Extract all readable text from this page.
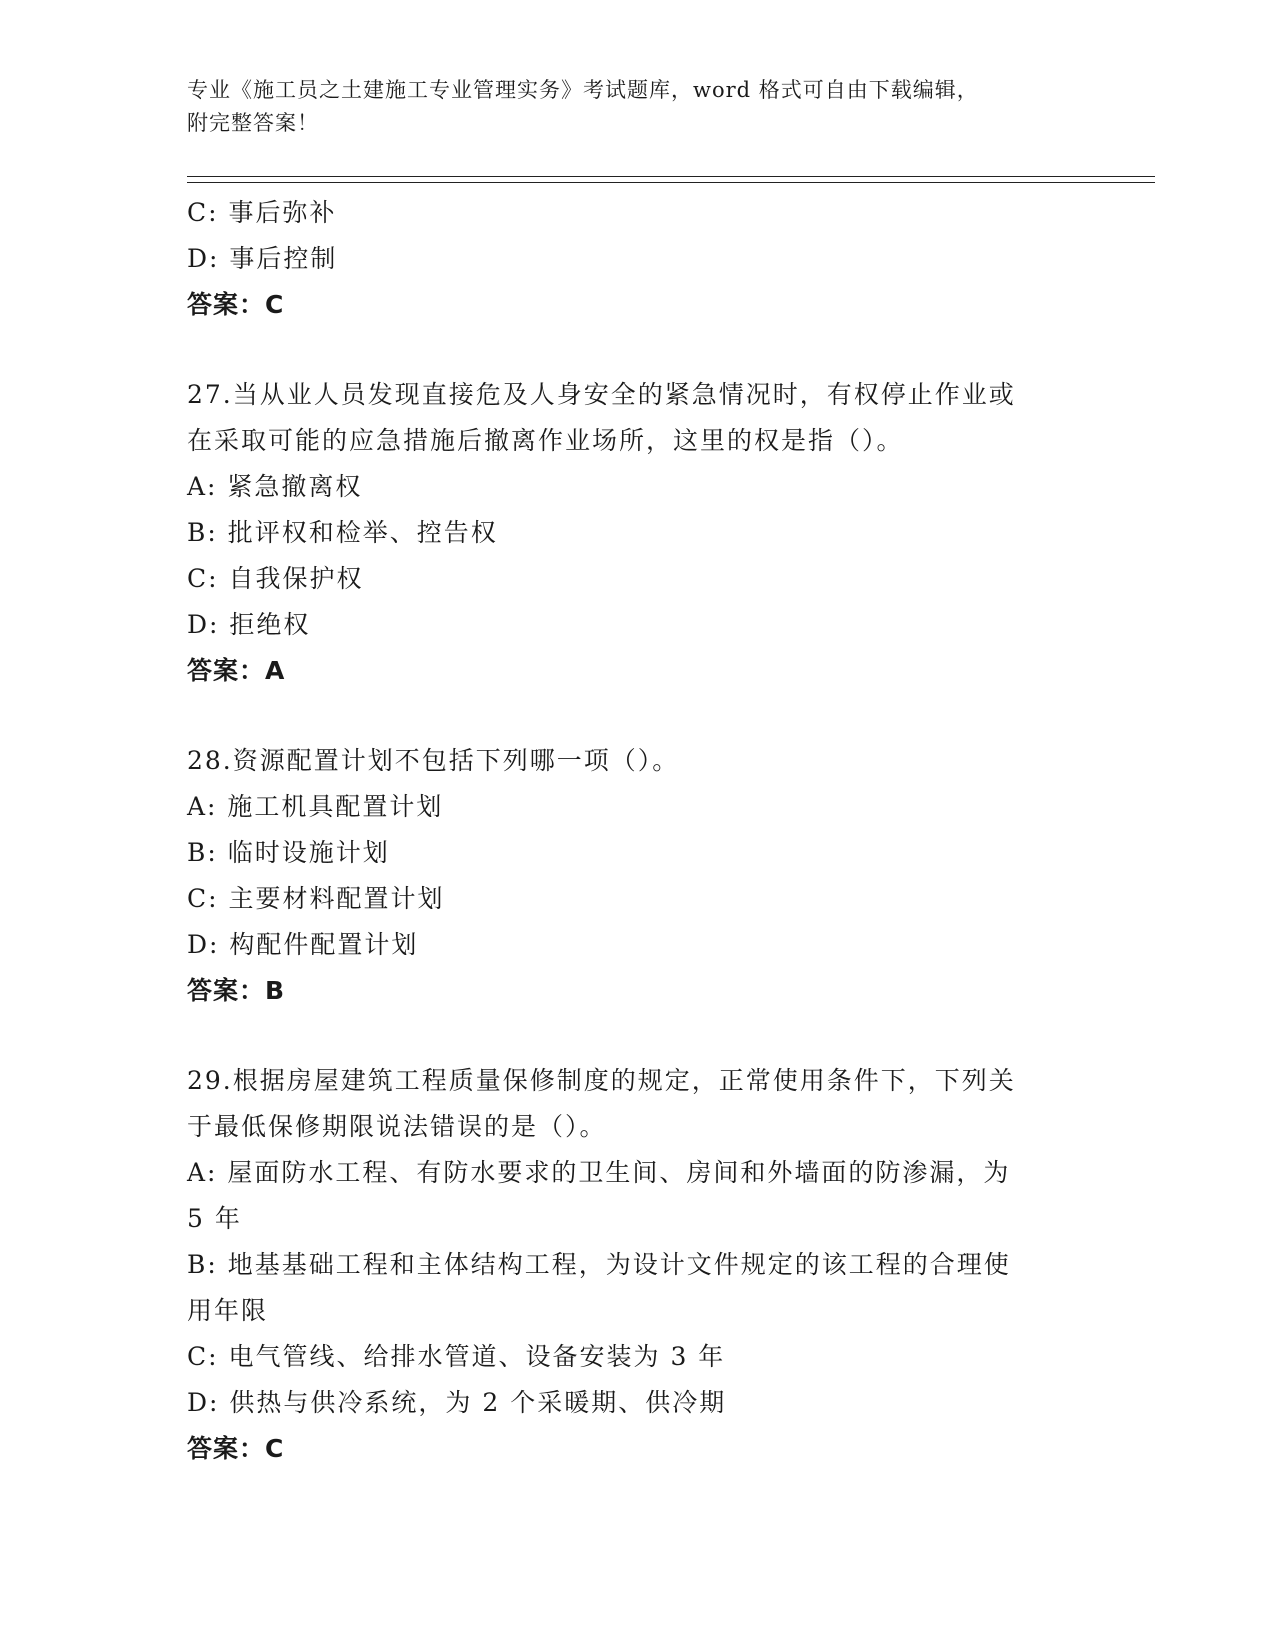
专业《施工员之土建施工专业管理实务》考试题库，word 格式可自由下载编辑，
附完整答案！
C: 事后弥补
D: 事后控制
答案：C
27.当从业人员发现直接危及人身安全的紧急情况时，有权停止作业或
在采取可能的应急措施后撤离作业场所，这里的权是指（）。
A: 紧急撤离权
B: 批评权和检举、控告权
C: 自我保护权
D: 拒绝权
答案：A
28.资源配置计划不包括下列哪一项（）。
A: 施工机具配置计划
B: 临时设施计划
C: 主要材料配置计划
D: 构配件配置计划
答案：B
29.根据房屋建筑工程质量保修制度的规定，正常使用条件下，下列关
于最低保修期限说法错误的是（）。
A: 屋面防水工程、有防水要求的卫生间、房间和外墙面的防渗漏，为
5 年
B: 地基基础工程和主体结构工程，为设计文件规定的该工程的合理使
用年限
C: 电气管线、给排水管道、设备安装为 3 年
D: 供热与供冷系统，为 2 个采暖期、供冷期
答案：C
